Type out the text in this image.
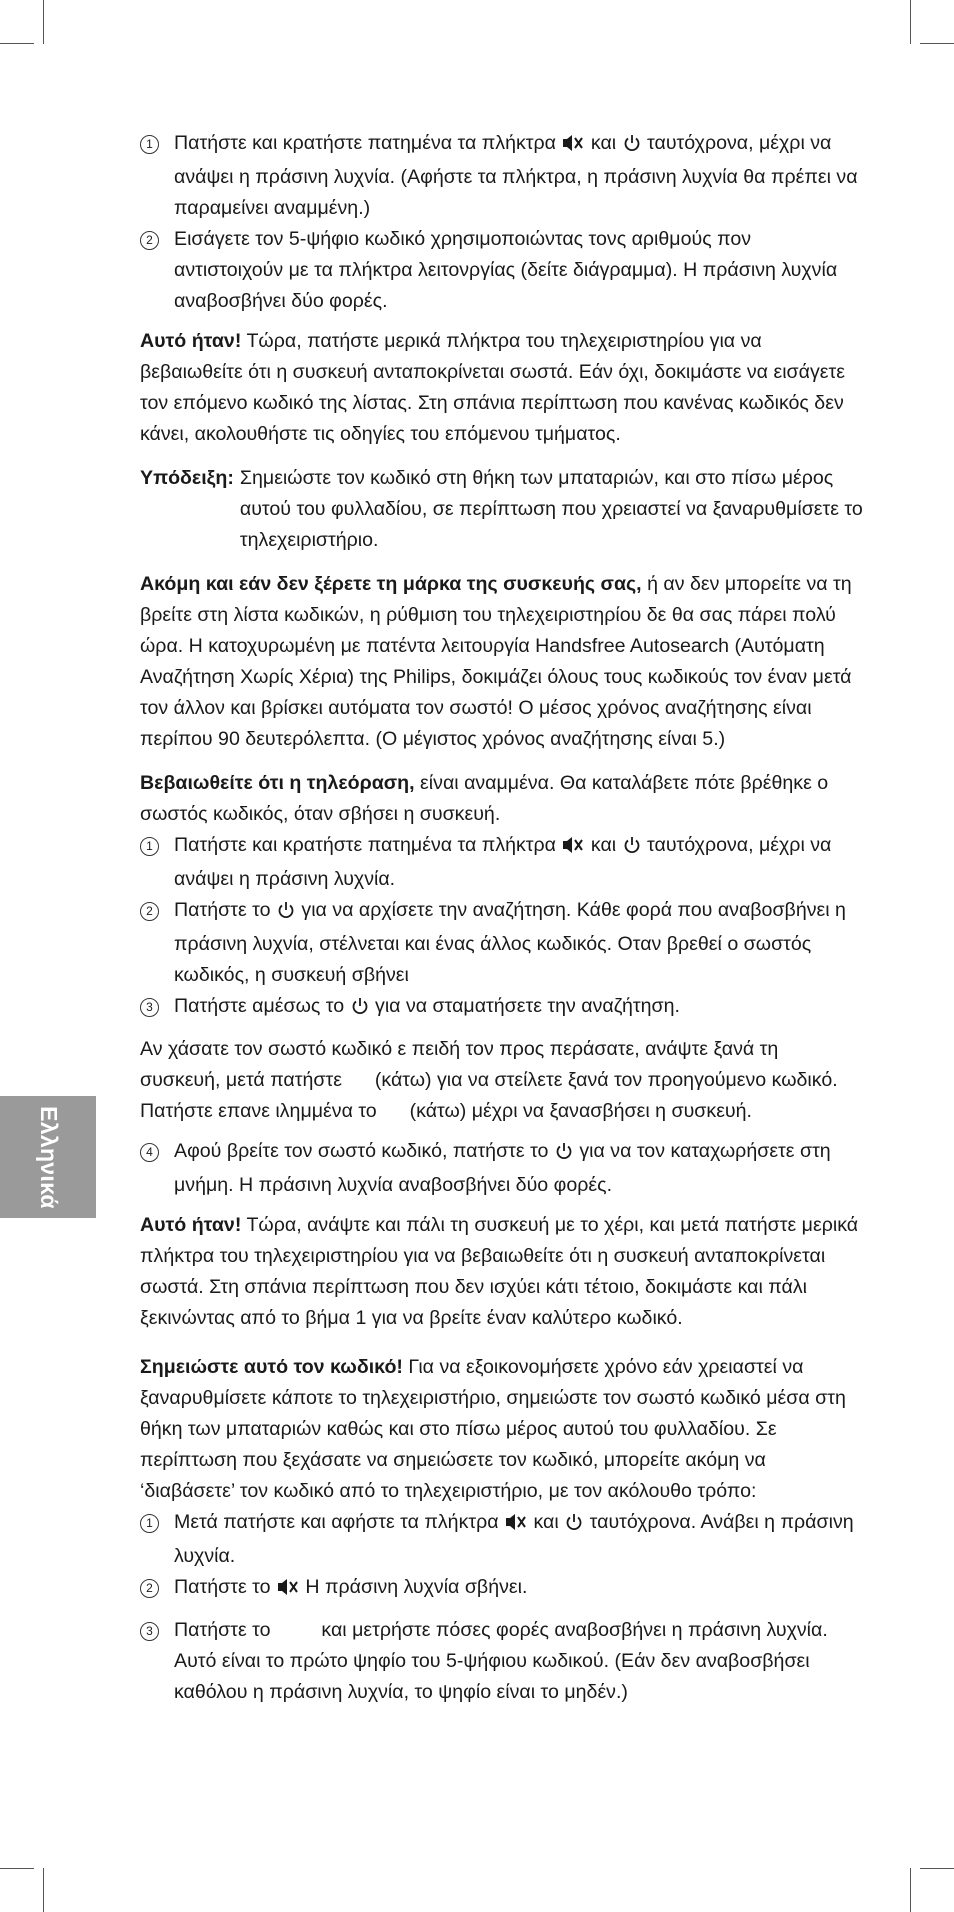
Ελληνικά
1	Πατήστε και κρατήστε πατημένα τα πλήκτρα και ταυτόχρονα, μέχρι να ανάψει η πράσινη λυχνία. (Αφήστε τα πλήκτρα, η πράσινη λυχνία θα πρέπει να παραμείνει αναμμένη.)
2	Εισάγετε τον 5-ψήφιο κωδικό χρησιμοποιώντας τονς αριθμούς πον αντιστοιχούν με τα πλήκτρα λειτονργίας (δείτε διάγραμμα). Η πράσινη λυχνία αναβοσβήνει δύο φορές.

Αυτό ήταν! Τώρα, πατήστε μερικά πλήκτρα του τηλεχειριστηρίου για να βεβαιωθείτε ότι η συσκευή ανταποκρίνεται σωστά. Εάν όχι, δοκιμάστε να εισάγετε τον επόμενο κωδικό της λίστας. Στη σπάνια περίπτωση που κανένας κωδικός δεν κάνει, ακολουθήστε τις οδηγίες του επόμενου τμήματος.

Υπόδειξη: Σημειώστε τον κωδικό στη θήκη των μπαταριών, και στο πίσω μέρος αυτού του φυλλαδίου, σε περίπτωση που χρειαστεί να ξαναρυθμίσετε το τηλεχειριστήριο.

Ακόμη και εάν δεν ξέρετε τη μάρκα της συσκευής σας, ή αν δεν μπορείτε να τη βρείτε στη λίστα κωδικών, η ρύθμιση του τηλεχειριστηρίου δε θα σας πάρει πολύ ώρα. Η κατοχυρωμένη με πατέντα λειτουργία Handsfree Autosearch (Αυτόματη Αναζήτηση Χωρίς Χέρια) της Philips, δοκιμάζει όλους τους κωδικούς τον έναν μετά τον άλλον και βρίσκει αυτόματα τον σωστό! Ο μέσος χρόνος αναζήτησης είναι περίπου 90 δευτερόλεπτα. (Ο μέγιστος χρόνος αναζήτησης είναι 5.)

Βεβαιωθείτε ότι η τηλεόραση, είναι αναμμένα. Θα καταλάβετε πότε βρέθηκε ο σωστός κωδικός, όταν σβήσει η συσκευή.

1	Πατήστε και κρατήστε πατημένα τα πλήκτρα και ταυτόχρονα, μέχρι να ανάψει η πράσινη λυχνία.
2	Πατήστε το για να αρχίσετε την αναζήτηση. Κάθε φορά που αναβοσβήνει η πράσινη λυχνία, στέλνεται και ένας άλλος κωδικός. Οταν βρεθεί ο σωστός κωδικός, η συσκευή σβήνει
3	Πατήστε αμέσως το για να σταματήσετε την αναζήτηση.

Αν χάσατε τον σωστό κωδικό ε πειδή τον προς περάσατε, ανάψτε ξανά τη συσκευή, μετά πατήστε (κάτω) για να στείλετε ξανά τον προηγούμενο κωδικό. Πατήστε επανε ιλημμένα το (κάτω) μέχρι να ξανασβήσει η συσκευή.

4	Αφού βρείτε τον σωστό κωδικό, πατήστε το για να τον καταχωρήσετε στη μνήμη. Η πράσινη λυχνία αναβοσβήνει δύο φορές.

Αυτό ήταν! Τώρα, ανάψτε και πάλι τη συσκευή με το χέρι, και μετά πατήστε μερικά πλήκτρα του τηλεχειριστηρίου για να βεβαιωθείτε ότι η συσκευή ανταποκρίνεται σωστά. Στη σπάνια περίπτωση που δεν ισχύει κάτι τέτοιο, δοκιμάστε και πάλι ξεκινώντας από το βήμα 1 για να βρείτε έναν καλύτερο κωδικό.

Σημειώστε αυτό τον κωδικό! Για να εξοικονομήσετε χρόνο εάν χρειαστεί να ξαναρυθμίσετε κάποτε το τηλεχειριστήριο, σημειώστε τον σωστό κωδικό μέσα στη θήκη των μπαταριών καθώς και στο πίσω μέρος αυτού του φυλλαδίου. Σε περίπτωση που ξεχάσατε να σημειώσετε τον κωδικό, μπορείτε ακόμη να ‘διαβάσετε’ τον κωδικό από το τηλεχειριστήριο, με τον ακόλουθο τρόπο:

1	Μετά πατήστε και αφήστε τα πλήκτρα και ταυτόχρονα. Ανάβει η πράσινη λυχνία.
2	Πατήστε το Η πράσινη λυχνία σβήνει.
3	Πατήστε το	και μετρήστε πόσες φορές αναβοσβήνει η πράσινη λυχνία. Αυτό είναι το πρώτο ψηφίο του 5-ψήφιου κωδικού. (Εάν δεν αναβοσβήσει καθόλου η πράσινη λυχνία, το ψηφίο είναι το μηδέν.)
